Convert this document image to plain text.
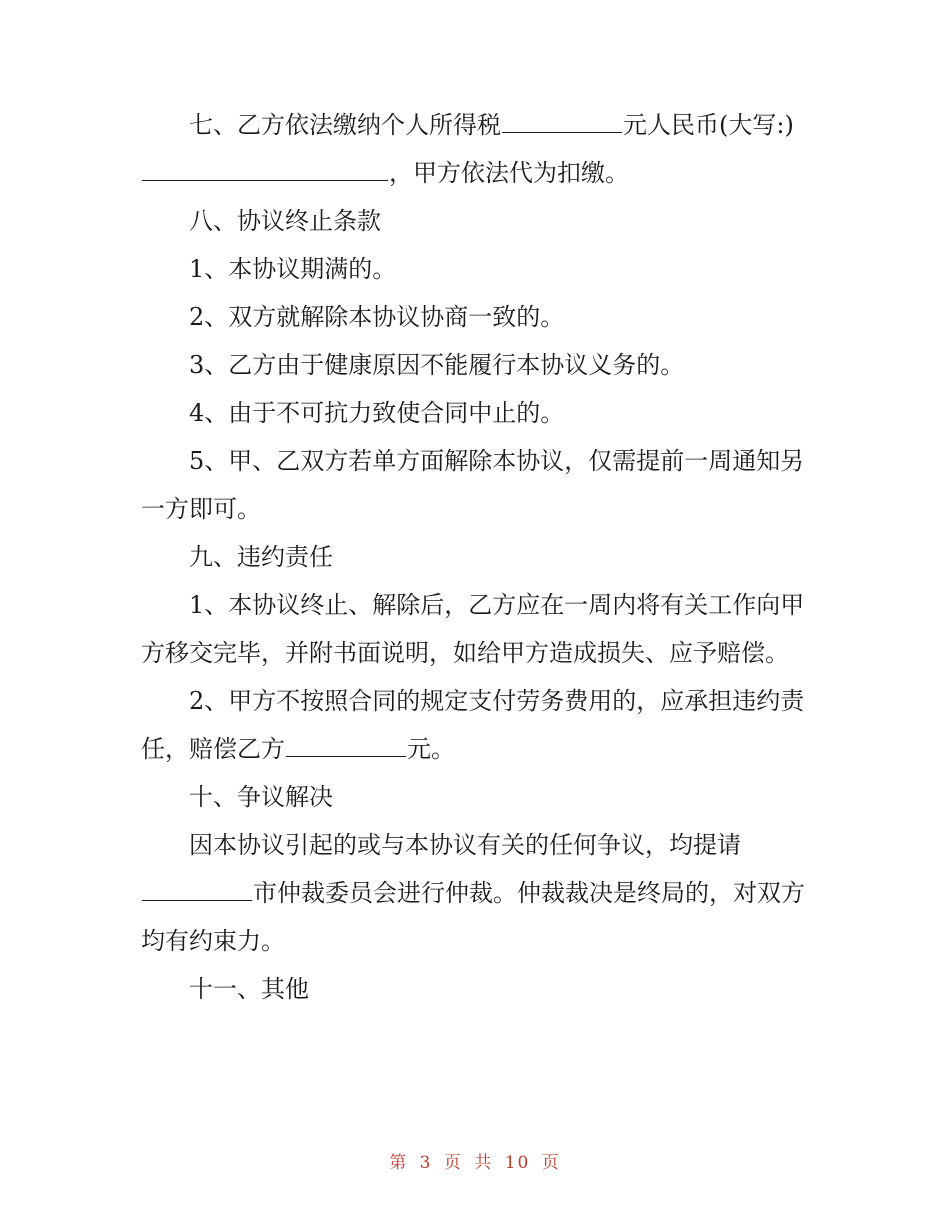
七、乙方依法缴纳个人所得税	元人民币(大写:)，甲方依法代为扣缴。

八、协议终止条款

1、本协议期满的。

2、双方就解除本协议协商一致的。

3、乙方由于健康原因不能履行本协议义务的。

4、由于不可抗力致使合同中止的。

5、甲、乙双方若单方面解除本协议，仅需提前一周通知另一方即可。

九、违约责任

1、本协议终止、解除后，乙方应在一周内将有关工作向甲方移交完毕，并附书面说明，如给甲方造成损失、应予赔偿。

2、甲方不按照合同的规定支付劳务费用的，应承担违约责任，赔偿乙方	元。

十、争议解决

因本协议引起的或与本协议有关的任何争议，均提请市仲裁委员会进行仲裁。仲裁裁决是终局的，对双方均有约束力。

十一、其他

第 3 页 共 10 页
